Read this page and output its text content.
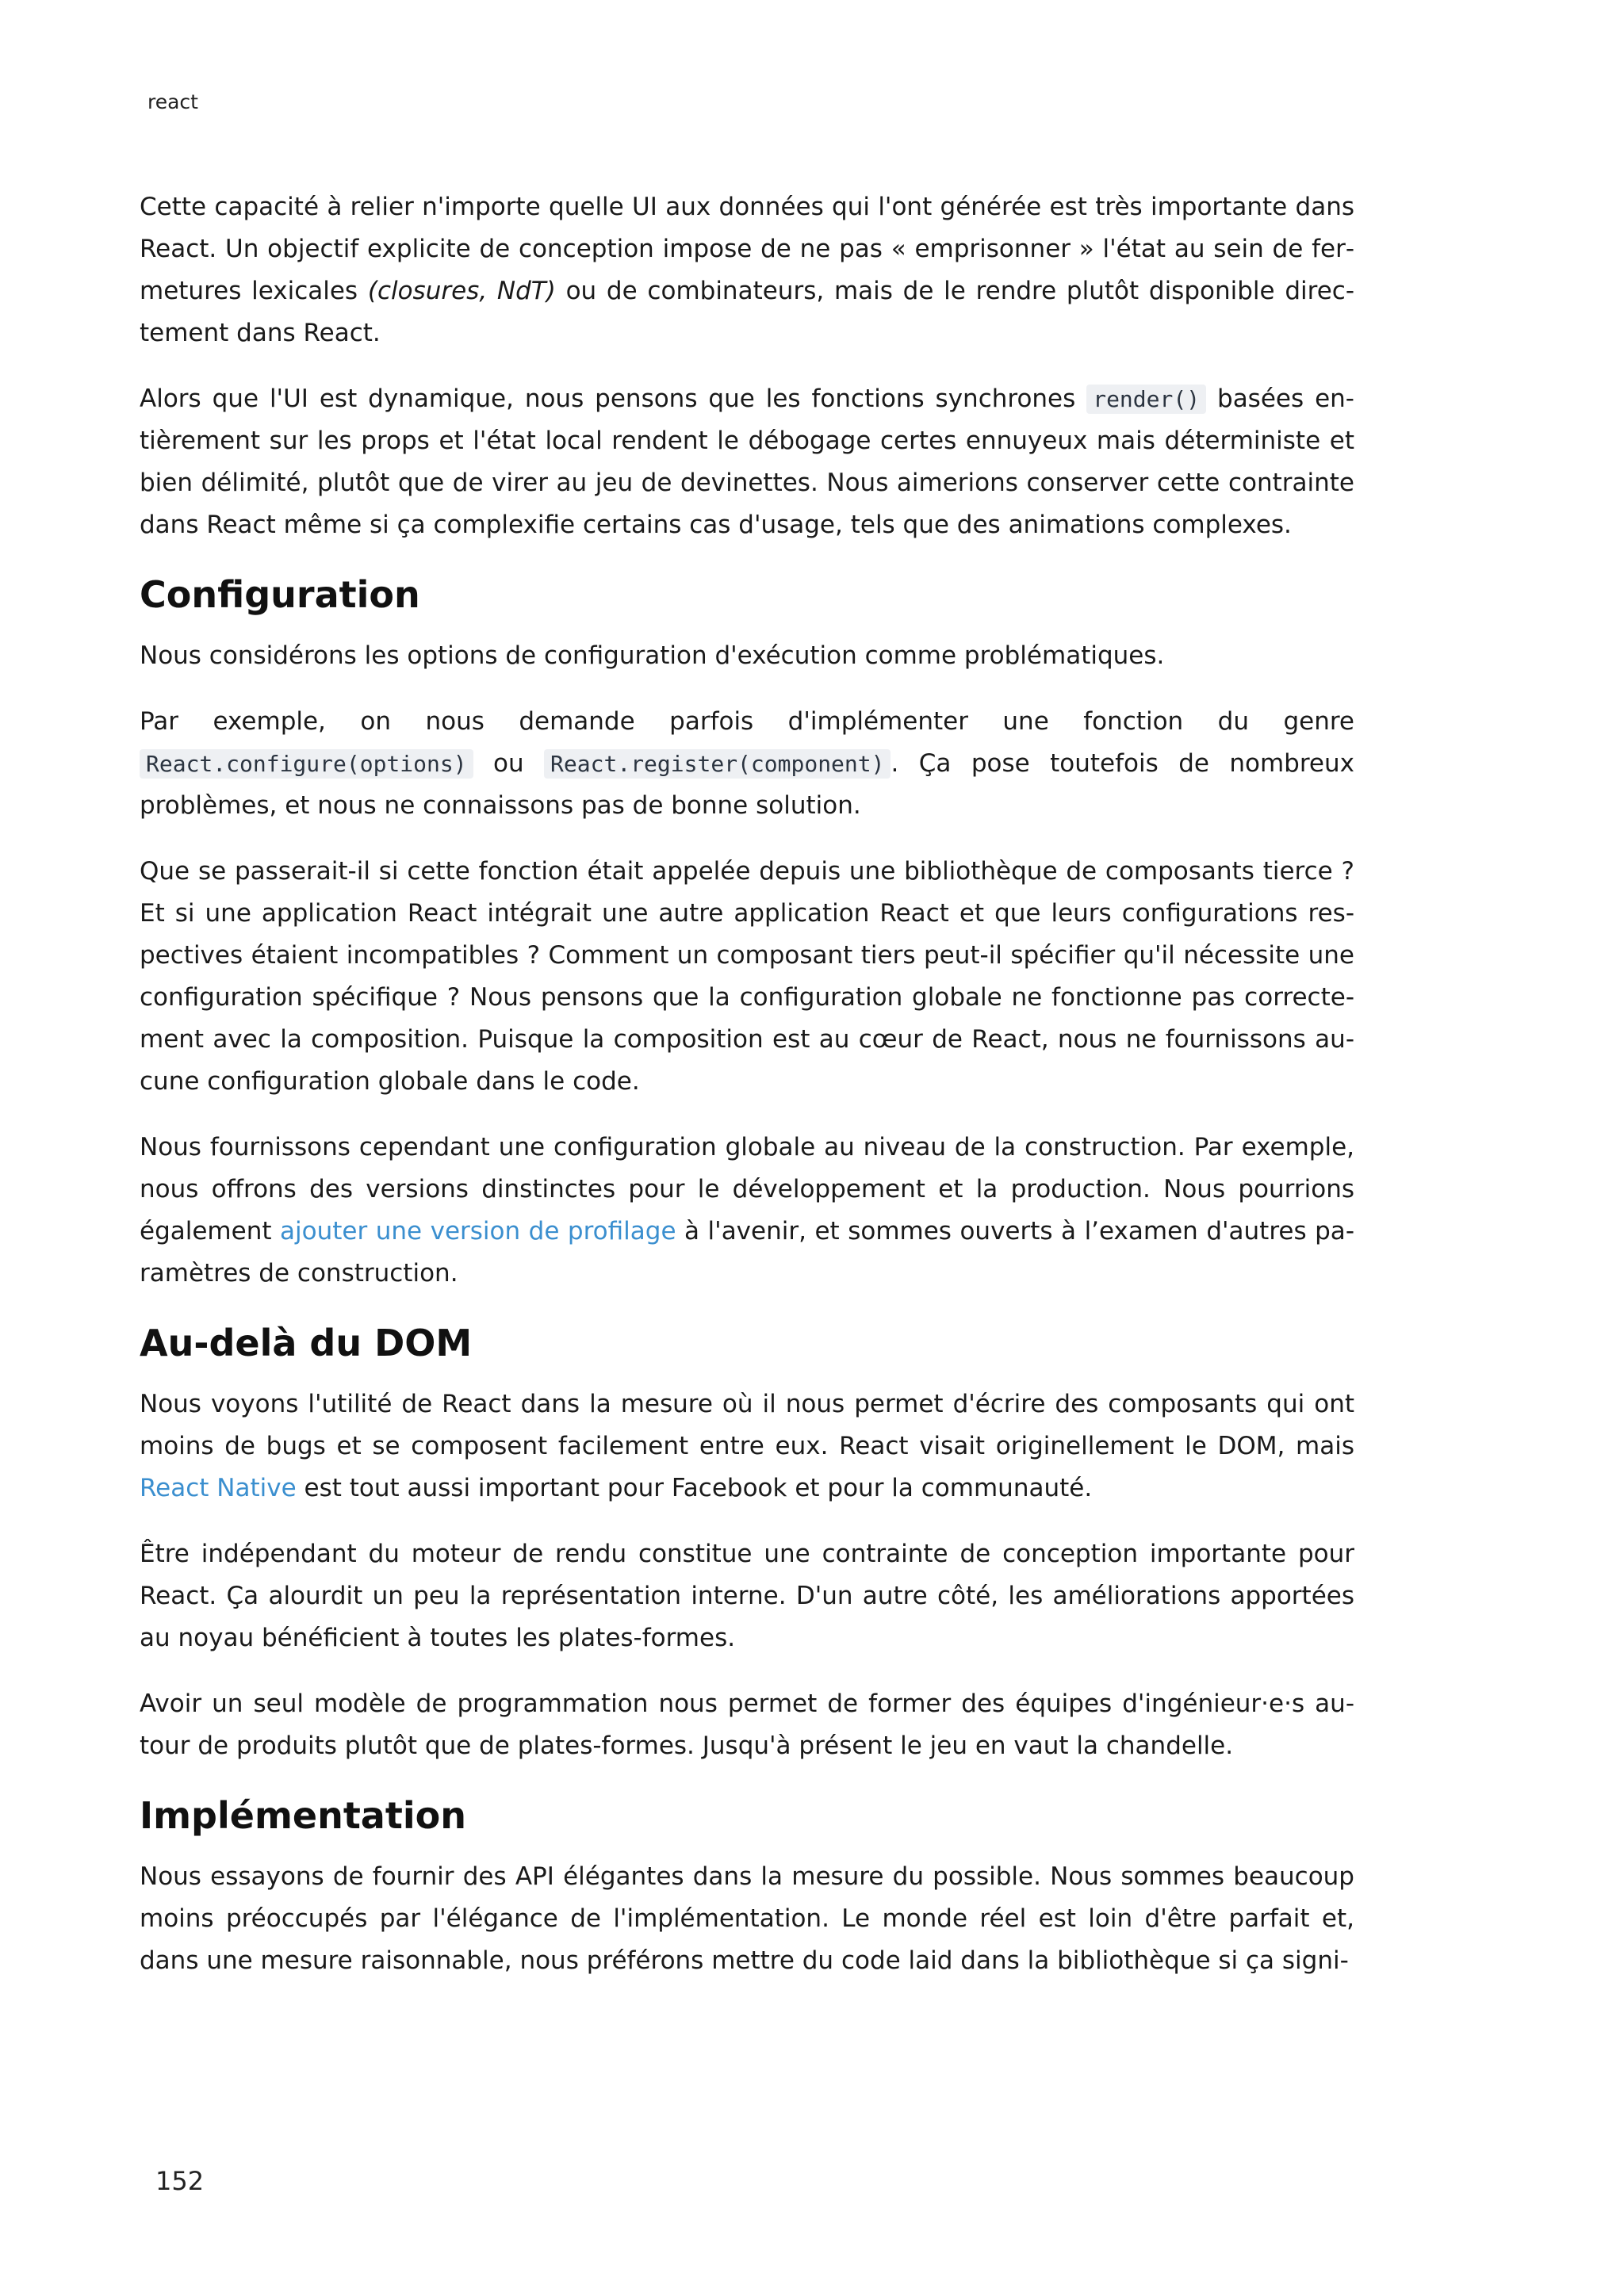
react

Cette capacité à relier n'importe quelle UI aux données qui l'ont générée est très importante dans React. Un objectif explicite de conception impose de ne pas « emprisonner » l'état au sein de fermetures lexicales (closures, NdT) ou de combinateurs, mais de le rendre plutôt disponible directement dans React.

Alors que l'UI est dynamique, nous pensons que les fonctions synchrones render() basées entièrement sur les props et l'état local rendent le débogage certes ennuyeux mais déterministe et bien délimité, plutôt que de virer au jeu de devinettes. Nous aimerions conserver cette contrainte dans React même si ça complexifie certains cas d'usage, tels que des animations complexes.

Configuration

Nous considérons les options de configuration d'exécution comme problématiques.

Par exemple, on nous demande parfois d'implémenter une fonction du genre React.configure(options) ou React.register(component) . Ça pose toutefois de nombreux problèmes, et nous ne connaissons pas de bonne solution.

Que se passerait-il si cette fonction était appelée depuis une bibliothèque de composants tierce ? Et si une application React intégrait une autre application React et que leurs configurations respectives étaient incompatibles ? Comment un composant tiers peut-il spécifier qu'il nécessite une configuration spécifique ? Nous pensons que la configuration globale ne fonctionne pas correctement avec la composition. Puisque la composition est au cœur de React, nous ne fournissons aucune configuration globale dans le code.

Nous fournissons cependant une configuration globale au niveau de la construction. Par exemple, nous offrons des versions dinstinctes pour le développement et la production. Nous pourrions également ajouter une version de profilage à l'avenir, et sommes ouverts à l’examen d'autres paramètres de construction.

Au-delà du DOM

Nous voyons l'utilité de React dans la mesure où il nous permet d'écrire des composants qui ont moins de bugs et se composent facilement entre eux. React visait originellement le DOM, mais React Native est tout aussi important pour Facebook et pour la communauté.

Être indépendant du moteur de rendu constitue une contrainte de conception importante pour React. Ça alourdit un peu la représentation interne. D'un autre côté, les améliorations apportées au noyau bénéficient à toutes les plates-formes.

Avoir un seul modèle de programmation nous permet de former des équipes d'ingénieur·e·s autour de produits plutôt que de plates-formes. Jusqu'à présent le jeu en vaut la chandelle.

Implémentation

Nous essayons de fournir des API élégantes dans la mesure du possible. Nous sommes beaucoup moins préoccupés par l'élégance de l'implémentation. Le monde réel est loin d'être parfait et, dans une mesure raisonnable, nous préférons mettre du code laid dans la bibliothèque si ça signi-

152
